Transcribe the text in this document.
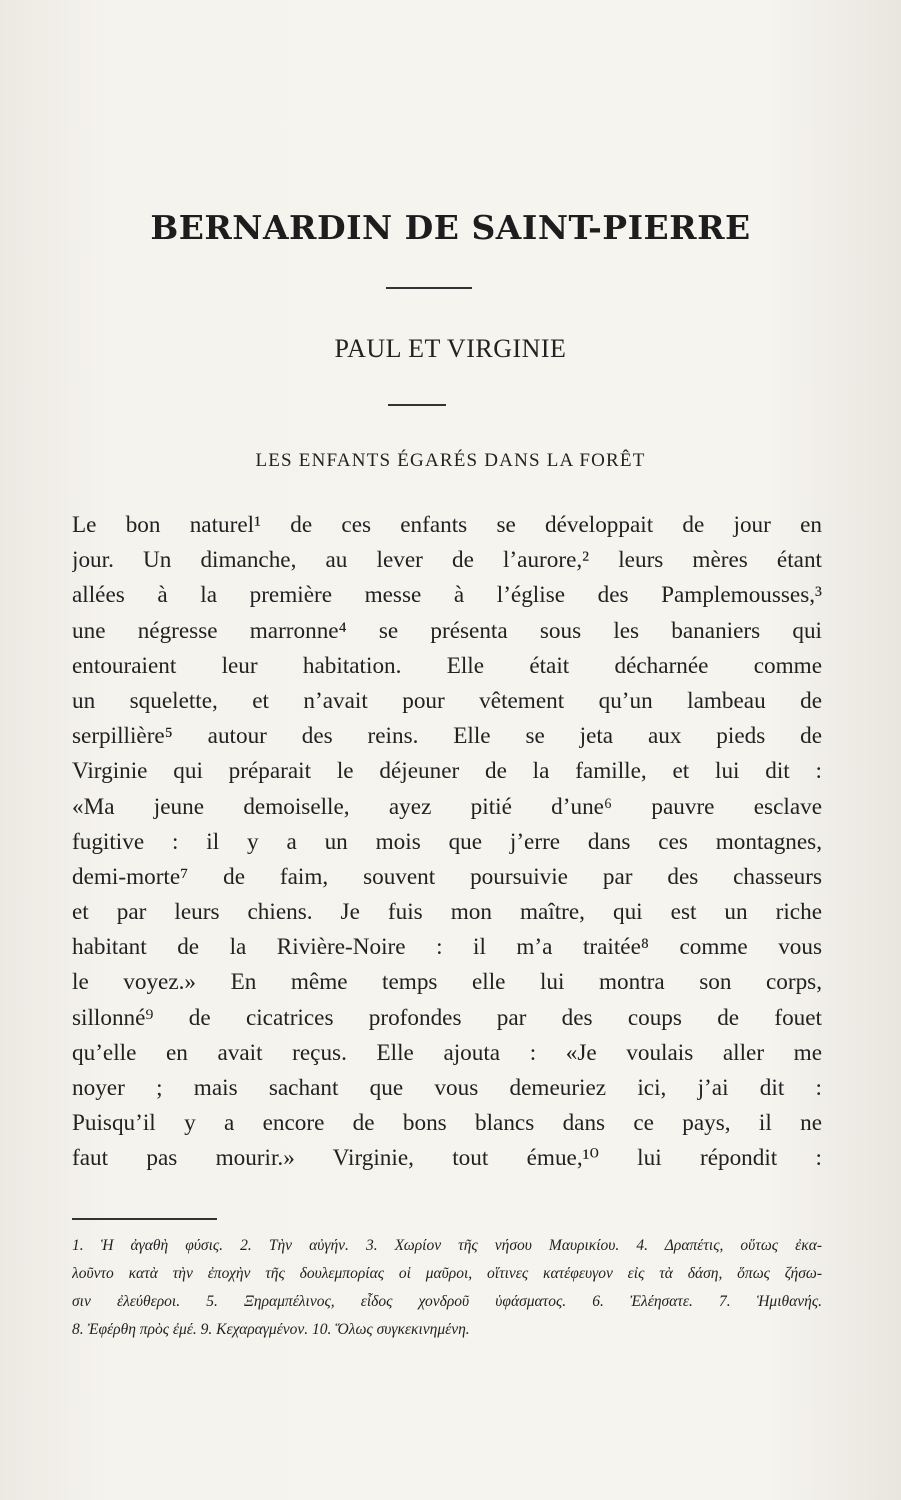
BERNARDIN DE SAINT-PIERRE
PAUL ET VIRGINIE
LES ENFANTS ÉGARÉS DANS LA FORÊT
Le bon naturel¹ de ces enfants se développait de jour en
jour. Un dimanche, au lever de l’aurore,² leurs mères étant
allées à la première messe à l’église des Pamplemousses,³
une négresse marronne⁴ se présenta sous les bananiers qui
entouraient leur habitation. Elle était décharnée comme
un squelette, et n’avait pour vêtement qu’un lambeau de
serpillière⁵ autour des reins. Elle se jeta aux pieds de
Virginie qui préparait le déjeuner de la famille, et lui dit :
«Ma jeune demoiselle, ayez pitié d’une⁶ pauvre esclave
fugitive : il y a un mois que j’erre dans ces montagnes,
demi-morte⁷ de faim, souvent poursuivie par des chasseurs
et par leurs chiens. Je fuis mon maître, qui est un riche
habitant de la Rivière-Noire : il m’a traitée⁸ comme vous
le voyez.» En même temps elle lui montra son corps,
sillonné⁹ de cicatrices profondes par des coups de fouet
qu’elle en avait reçus. Elle ajouta : «Je voulais aller me
noyer ; mais sachant que vous demeuriez ici, j’ai dit :
Puisqu’il y a encore de bons blancs dans ce pays, il ne
faut pas mourir.» Virginie, tout émue,¹⁰ lui répondit :
1. Ἡ ἀγαθὴ φύσις. 2. Τὴν αὐγήν. 3. Χωρίον τῆς νήσου Μαυρικίου. 4. Δραπέτις, οὕτως ἐκα-
λοῦντο κατὰ τὴν ἐποχὴν τῆς δουλεμπορίας οἱ μαῦροι, οἵτινες κατέφευγον εἰς τὰ δάση, ὅπως ζήσω-
σιν ἐλεύθεροι. 5. Ξηραμπέλινος, εἶδος χονδροῦ ὑφάσματος. 6. Ἐλέησατε. 7. Ἡμιθανής.
8. Ἐφέρθη πρὸς ἐμέ. 9. Κεχαραγμένον. 10. Ὅλως συγκεκινημένη.
